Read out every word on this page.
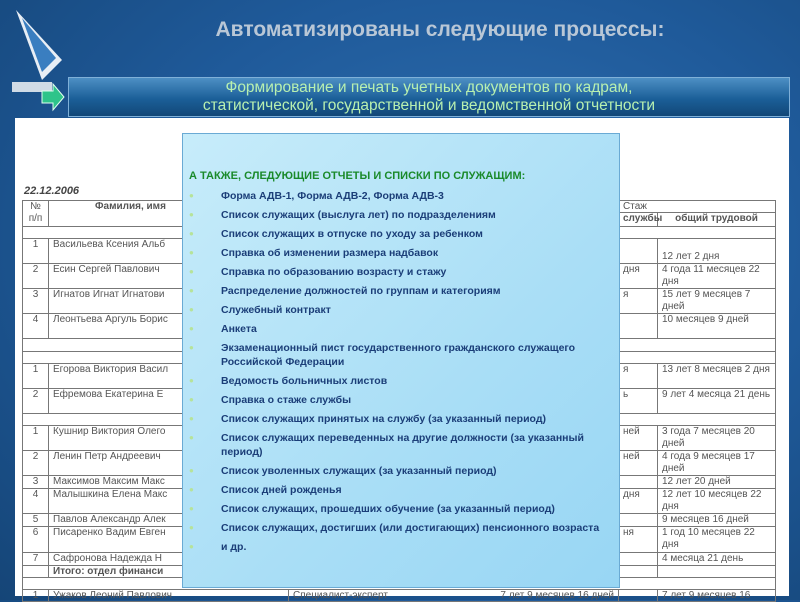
Автоматизированы следующие процессы:
Формирование и печать учетных документов по кадрам,
статистической, государственной и ведомственной отчетности
22.12.2006
№ п/п	Фамилия, имя		Стаж	
			службы	общий трудовой

1	Васильева Ксения Альб			12 лет 2 дня
2	Есин Сергей Павлович		дня	4 года 11 месяцев 22 дня
3	Игнатов Игнат Игнатови		я	15 лет 9 месяцев 7 дней
4	Леонтьева Аргуль Борис			10 месяцев 9 дней

1	Егорова Виктория Васил		я	13 лет 8 месяцев 2 дня
2	Ефремова Екатерина Е		ь	9 лет 4 месяца 21 день

1	Кушнир Виктория Олего		ней	3 года 7 месяцев 20 дней
2	Ленин Петр Андреевич		ней	4 года 9 месяцев 17 дней
3	Максимов Максим Макс			12 лет 20 дней
4	Малышкина Елена Макс		дня	12 лет 10 месяцев 22 дня
5	Павлов Александр Алек			9 месяцев 16 дней
6	Писаренко Вадим Евген		ня	1 год 10 месяцев 22 дня
7	Сафронова Надежда Н			4 месяца 21 день
	Итого: отдел финанси			

1	Ужаков Леоний Павлович	Специалист-эксперт 7 лет 9 месяцев 16 дней		7 лет 9 месяцев 16
А ТАКЖЕ, СЛЕДУЮЩИЕ ОТЧЕТЫ И СПИСКИ ПО СЛУЖАЩИМ:
●	Форма АДВ-1, Форма АДВ-2, Форма АДВ-3
●	Список служащих (выслуга лет) по подразделениям
●	Список служащих в отпуске по уходу за ребенком
●	Справка об изменении размера надбавок
●	Справка по образованию возрасту и стажу
●	Распределение должностей по группам и категориям
●	Служебный контракт
●	Анкета
●	Экзаменационный пист государственного гражданского служащего Российской Федерации
●	Ведомость больничных листов
●	Справка о стаже службы
●	Список служащих принятых на службу (за указанный период)
●	Список служащих переведенных на другие должности (за указанный период)
●	Список уволенных служащих (за указанный период)
●	Список дней рожденья
●	Список служащих, прошедших обучение (за указанный период)
●	Список служащих, достигших (или достигающих) пенсионного возраста
●	и др.
